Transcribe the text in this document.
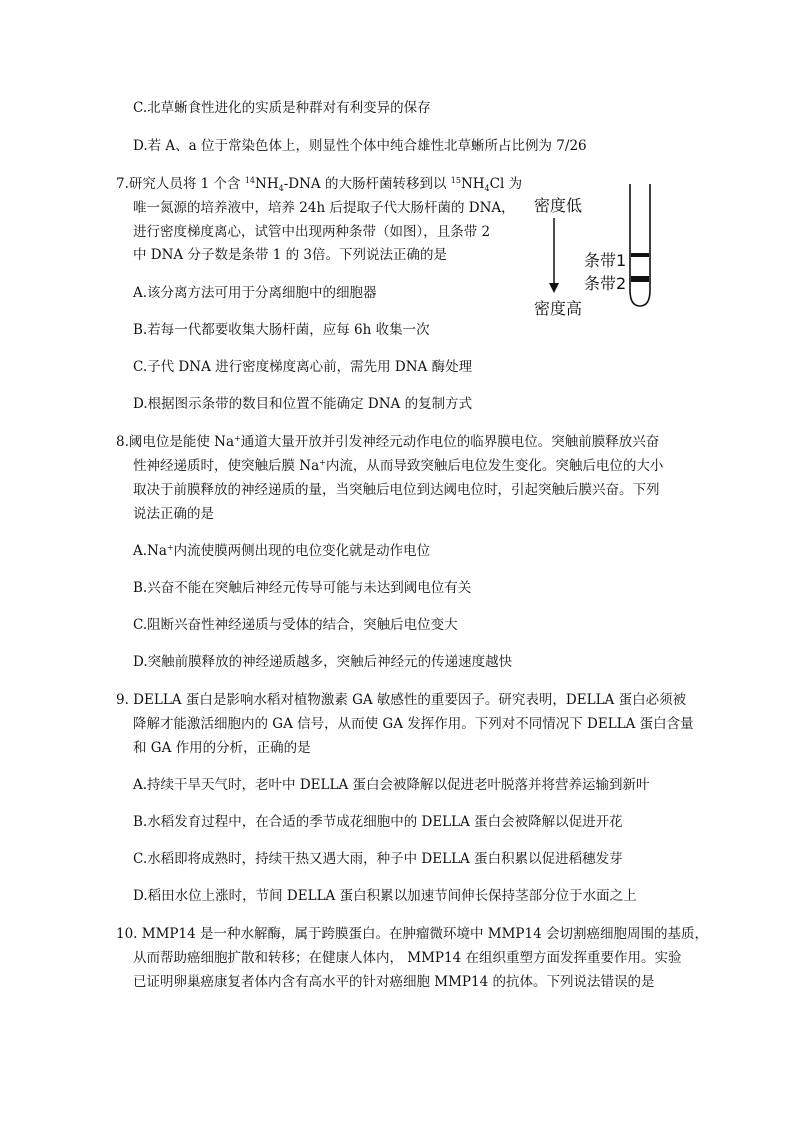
C.北草蜥食性进化的实质是种群对有利变异的保存
D.若 A、a 位于常染色体上，则显性个体中纯合雄性北草蜥所占比例为 7/26
7.研究人员将 1 个含 $^{14}NH_4$-DNA 的大肠杆菌转移到以 $^{15}NH_4Cl$ 为
唯一氮源的培养液中，培养 24h 后提取子代大肠杆菌的 DNA，
进行密度梯度离心，试管中出现两种条带（如图），且条带 2
中 DNA 分子数是条带 1 的 3倍。下列说法正确的是
密度低
密度高
条带1
条带2
A.该分离方法可用于分离细胞中的细胞器
B.若每一代都要收集大肠杆菌，应每 6h 收集一次
C.子代 DNA 进行密度梯度离心前，需先用 DNA 酶处理
D.根据图示条带的数目和位置不能确定 DNA 的复制方式
8.阈电位是能使 Na+通道大量开放并引发神经元动作电位的临界膜电位。突触前膜释放兴奋
性神经递质时，使突触后膜 Na+内流，从而导致突触后电位发生变化。突触后电位的大小
取决于前膜释放的神经递质的量，当突触后电位到达阈电位时，引起突触后膜兴奋。下列
说法正确的是
A.Na+内流使膜两侧出现的电位变化就是动作电位
B.兴奋不能在突触后神经元传导可能与未达到阈电位有关
C.阻断兴奋性神经递质与受体的结合，突触后电位变大
D.突触前膜释放的神经递质越多，突触后神经元的传递速度越快
9. DELLA 蛋白是影响水稻对植物激素 GA 敏感性的重要因子。研究表明，DELLA 蛋白必须被
降解才能激活细胞内的 GA 信号，从而使 GA 发挥作用。下列对不同情况下 DELLA 蛋白含量
和 GA 作用的分析，正确的是
A.持续干旱天气时，老叶中 DELLA 蛋白会被降解以促进老叶脱落并将营养运输到新叶
B.水稻发育过程中，在合适的季节成花细胞中的 DELLA 蛋白会被降解以促进开花
C.水稻即将成熟时，持续干热又遇大雨，种子中 DELLA 蛋白积累以促进稻穗发芽
D.稻田水位上涨时，节间 DELLA 蛋白积累以加速节间伸长保持茎部分位于水面之上
10. MMP14 是一种水解酶，属于跨膜蛋白。在肿瘤微环境中 MMP14 会切割癌细胞周围的基质，
从而帮助癌细胞扩散和转移；在健康人体内， MMP14 在组织重塑方面发挥重要作用。实验
已证明卵巢癌康复者体内含有高水平的针对癌细胞 MMP14 的抗体。下列说法错误的是
